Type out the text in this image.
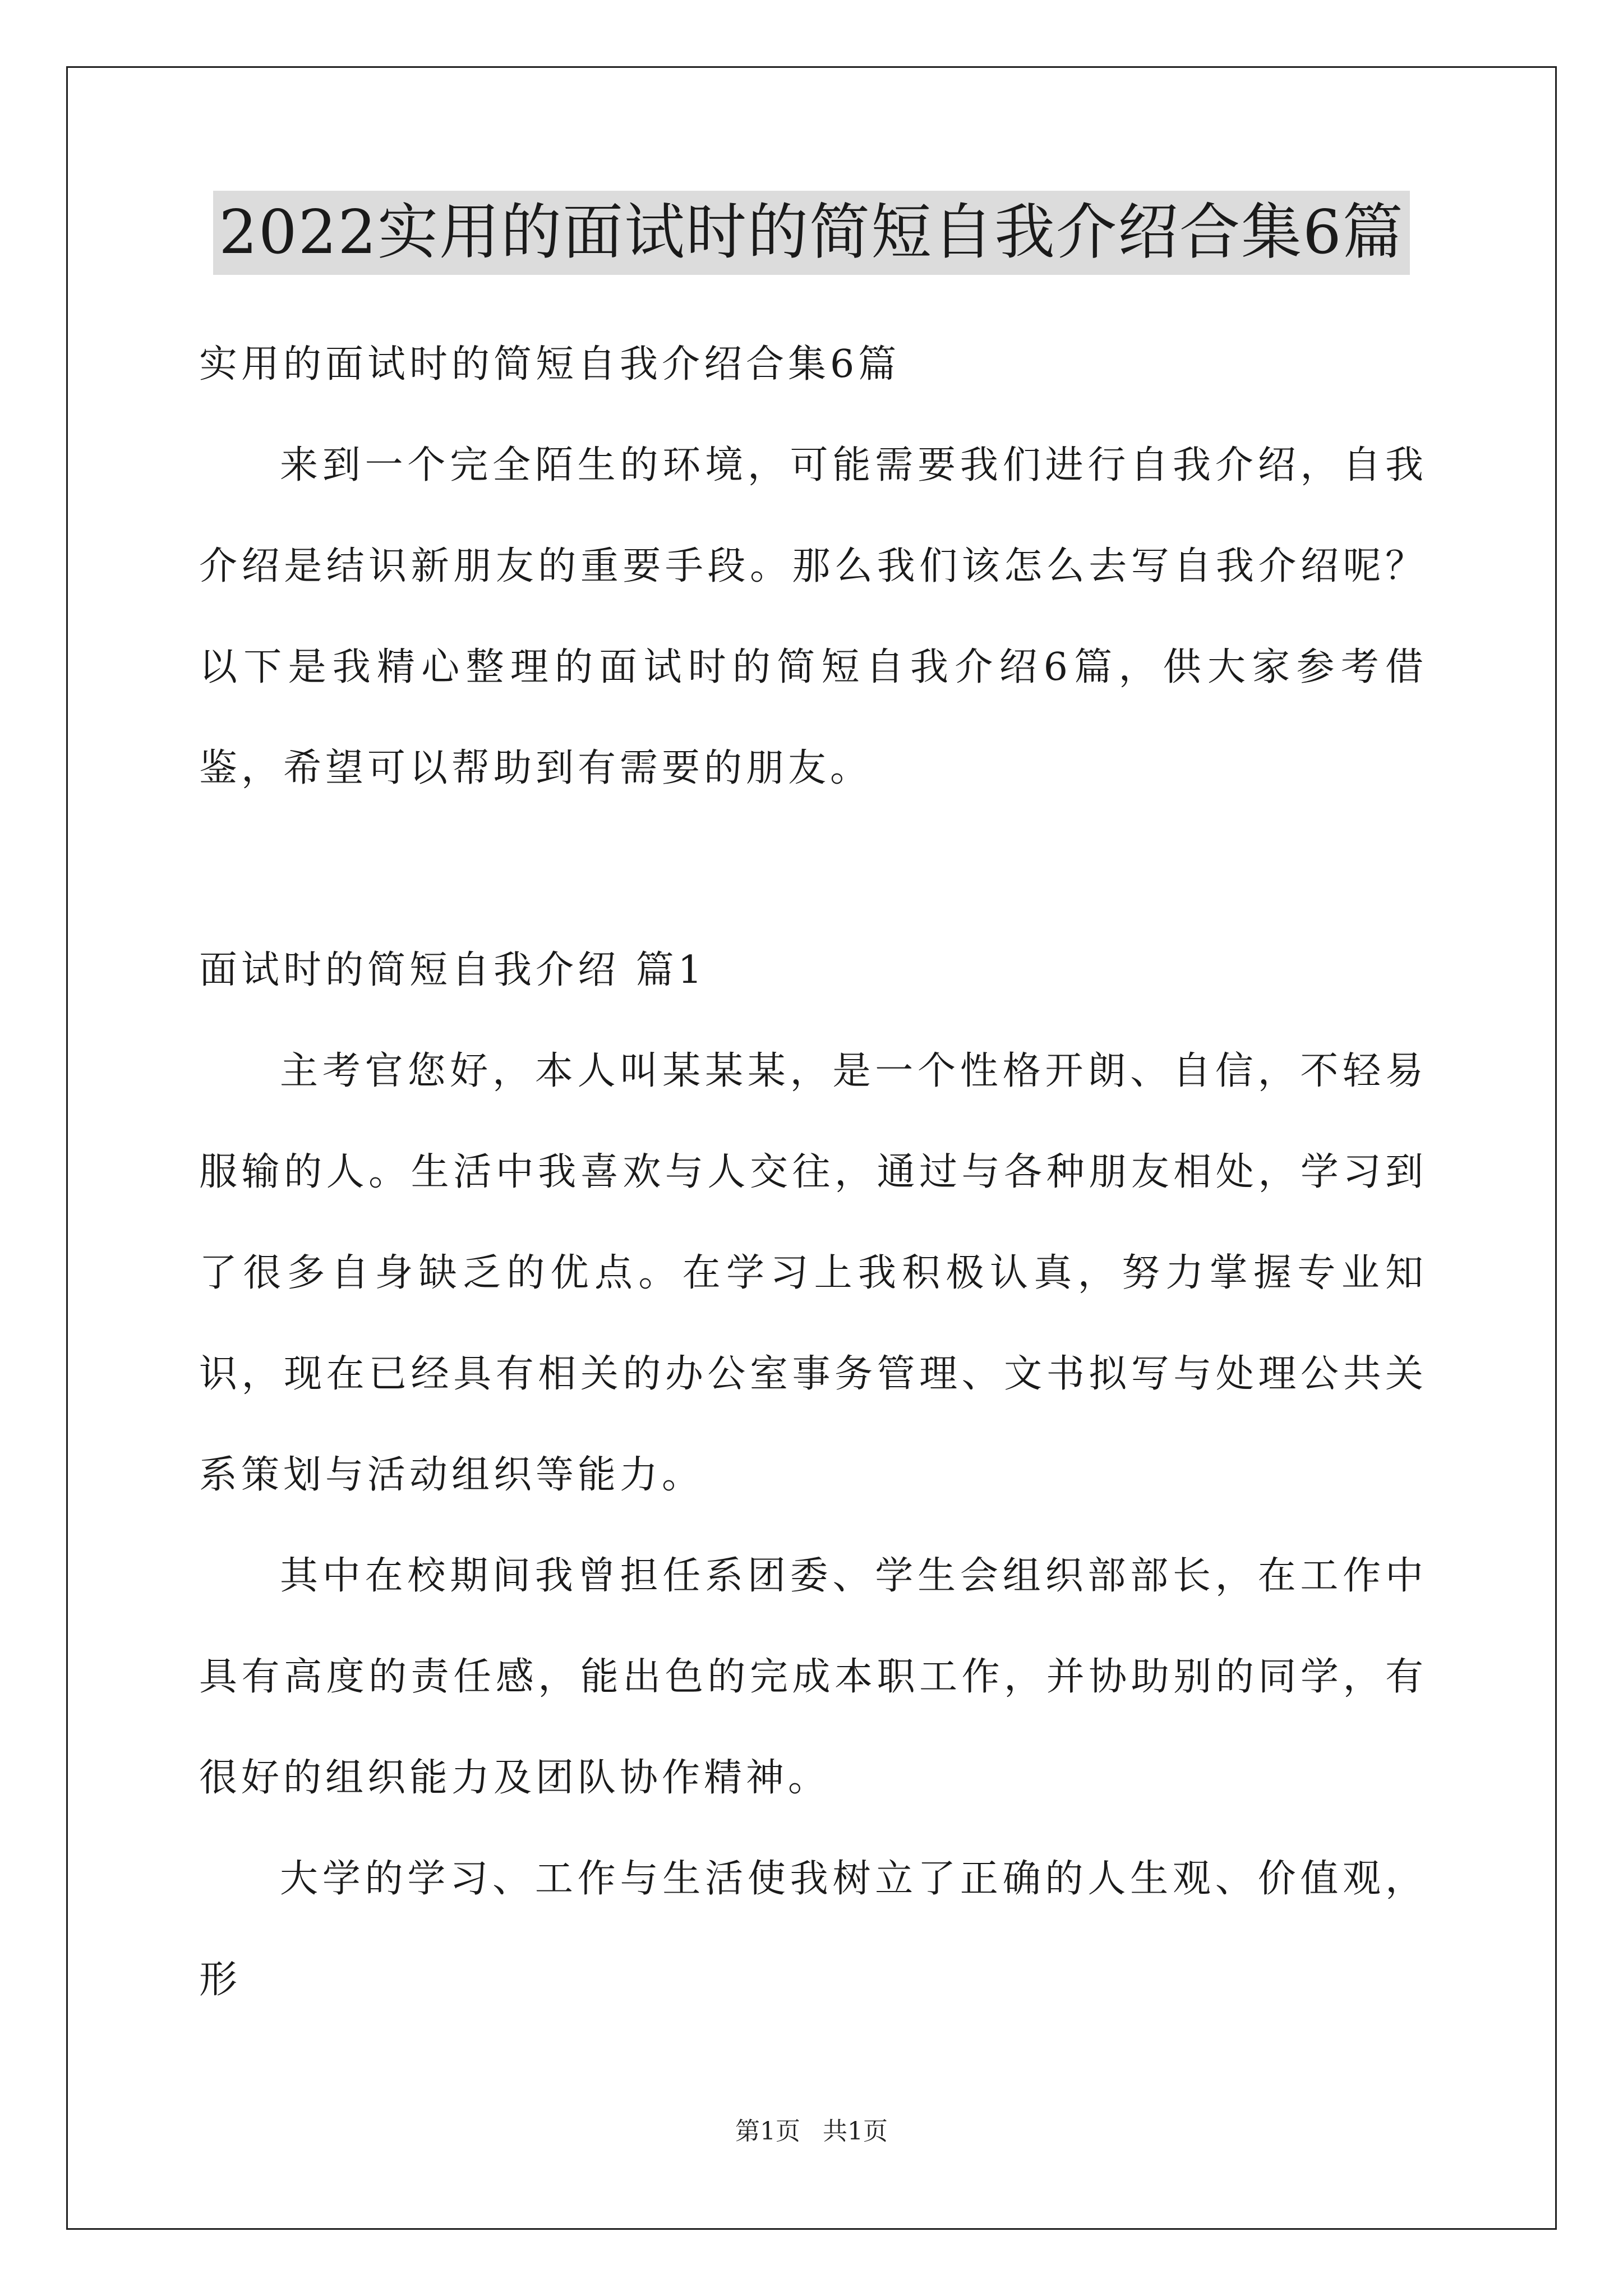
2022实用的面试时的简短自我介绍合集6篇

实用的面试时的简短自我介绍合集6篇

来到一个完全陌生的环境，可能需要我们进行自我介绍，自我介绍是结识新朋友的重要手段。那么我们该怎么去写自我介绍呢？以下是我精心整理的面试时的简短自我介绍6篇，供大家参考借鉴，希望可以帮助到有需要的朋友。

面试时的简短自我介绍 篇1

主考官您好，本人叫某某某，是一个性格开朗、自信，不轻易服输的人。生活中我喜欢与人交往，通过与各种朋友相处，学习到了很多自身缺乏的优点。在学习上我积极认真，努力掌握专业知识，现在已经具有相关的办公室事务管理、文书拟写与处理公共关系策划与活动组织等能力。

其中在校期间我曾担任系团委、学生会组织部部长，在工作中具有高度的责任感，能出色的完成本职工作，并协助别的同学，有很好的组织能力及团队协作精神。

大学的学习、工作与生活使我树立了正确的人生观、价值观，形

第1页 共1页
